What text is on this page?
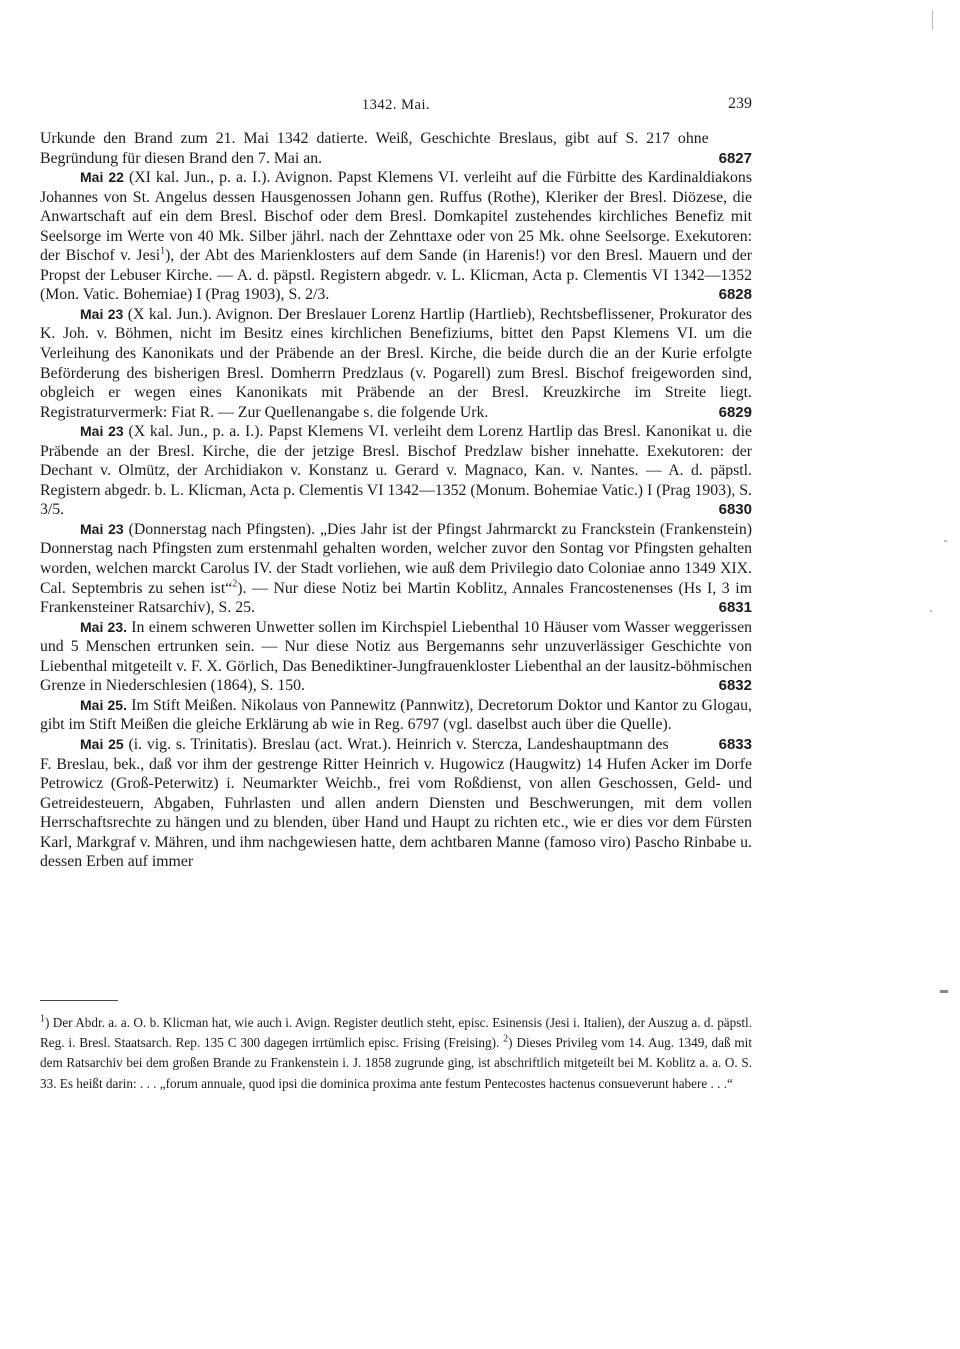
1342. Mai.	239

6827
Urkunde den Brand zum 21. Mai 1342 datierte. Weiß, Geschichte Breslaus, gibt auf S. 217 ohne Begründung für diesen Brand den 7. Mai an.

Mai 22 (XI kal. Jun., p. a. I.). Avignon. Papst Klemens VI. verleiht auf die Fürbitte des Kardinaldiakons Johannes von St. Angelus dessen Hausgenossen Johann gen. Ruffus (Rothe), Kleriker der Bresl. Diözese, die Anwartschaft auf ein dem Bresl. Bischof oder dem Bresl. Domkapitel zustehendes kirchliches Benefiz mit Seelsorge im Werte von 40 Mk. Silber jährl. nach der Zehnttaxe oder von 25 Mk. ohne Seelsorge. Exekutoren: der Bischof v. Jesi$^1$), der Abt des Marienklosters auf dem Sande (in Harenis!) vor den Bresl. Mauern und der Propst der Lebuser Kirche. — A. d. päpstl. Registern abgedr. v. L. Klicman, Acta p. Clementis VI 1342—1352 (Mon. Vatic. Bohemiae) I (Prag 1903), S. 2/3.	6828

Mai 23 (X kal. Jun.). Avignon. Der Breslauer Lorenz Hartlip (Hartlieb), Rechtsbeflissener, Prokurator des K. Joh. v. Böhmen, nicht im Besitz eines kirchlichen Benefiziums, bittet den Papst Klemens VI. um die Verleihung des Kanonikats und der Präbende an der Bresl. Kirche, die beide durch die an der Kurie erfolgte Beförderung des bisherigen Bresl. Domherrn Predzlaus (v. Pogarell) zum Bresl. Bischof freigeworden sind, obgleich er wegen eines Kanonikats mit Präbende an der Bresl. Kreuzkirche im Streite liegt. Registraturvermerk: Fiat R. — Zur Quellenangabe s. die folgende Urk.	6829

Mai 23 (X kal. Jun., p. a. I.). Papst Klemens VI. verleiht dem Lorenz Hartlip das Bresl. Kanonikat u. die Präbende an der Bresl. Kirche, die der jetzige Bresl. Bischof Predzlaw bisher innehatte. Exekutoren: der Dechant v. Olmütz, der Archidiakon v. Konstanz u. Gerard v. Magnaco, Kan. v. Nantes. — A. d. päpstl. Registern abgedr. b. L. Klicman, Acta p. Clementis VI 1342—1352 (Monum. Bohemiae Vatic.) I (Prag 1903), S. 3/5.	6830

Mai 23 (Donnerstag nach Pfingsten). „Dies Jahr ist der Pfingst Jahrmarckt zu Franckstein (Frankenstein) Donnerstag nach Pfingsten zum erstenmahl gehalten worden, welcher zuvor den Sontag vor Pfingsten gehalten worden, welchen marckt Carolus IV. der Stadt vorliehen, wie auß dem Privilegio dato Coloniae anno 1349 XIX. Cal. Septembris zu sehen ist“$^2$). — Nur diese Notiz bei Martin Koblitz, Annales Francostenenses (Hs I, 3 im Frankensteiner Ratsarchiv), S. 25.	6831

Mai 23. In einem schweren Unwetter sollen im Kirchspiel Liebenthal 10 Häuser vom Wasser weggerissen und 5 Menschen ertrunken sein. — Nur diese Notiz aus Bergemanns sehr unzuverlässiger Geschichte von Liebenthal mitgeteilt v. F. X. Görlich, Das Benediktiner-Jungfrauenkloster Liebenthal an der lausitz-böhmischen Grenze in Niederschlesien (1864), S. 150.	6832

Mai 25. Im Stift Meißen. Nikolaus von Pannewitz (Pannwitz), Decretorum Doktor und Kantor zu Glogau, gibt im Stift Meißen die gleiche Erklärung ab wie in Reg. 6797 (vgl. daselbst auch über die Quelle).
6833

Mai 25 (i. vig. s. Trinitatis). Breslau (act. Wrat.). Heinrich v. Stercza, Landeshauptmann des F. Breslau, bek., daß vor ihm der gestrenge Ritter Heinrich v. Hugowicz (Haugwitz) 14 Hufen Acker im Dorfe Petrowicz (Groß-Peterwitz) i. Neumarkter Weichb., frei vom Roßdienst, von allen Geschossen, Geld- und Getreidesteuern, Abgaben, Fuhrlasten und allen andern Diensten und Beschwerungen, mit dem vollen Herrschaftsrechte zu hängen und zu blenden, über Hand und Haupt zu richten etc., wie er dies vor dem Fürsten Karl, Markgraf v. Mähren, und ihm nachgewiesen hatte, dem achtbaren Manne (famoso viro) Pascho Rinbabe u. dessen Erben auf immer

$^1$) Der Abdr. a. a. O. b. Klicman hat, wie auch i. Avign. Register deutlich steht, episc. Esinensis (Jesi i. Italien), der Auszug a. d. päpstl. Reg. i. Bresl. Staatsarch. Rep. 135 C 300 dagegen irrtümlich episc. Frising (Freising). $^2$) Dieses Privileg vom 14. Aug. 1349, daß mit dem Ratsarchiv bei dem großen Brande zu Frankenstein i. J. 1858 zugrunde ging, ist abschriftlich mitgeteilt bei M. Koblitz a. a. O. S. 33. Es heißt darin: . . . „forum annuale, quod ipsi die dominica proxima ante festum Pentecostes hactenus consueverunt habere . . .“
